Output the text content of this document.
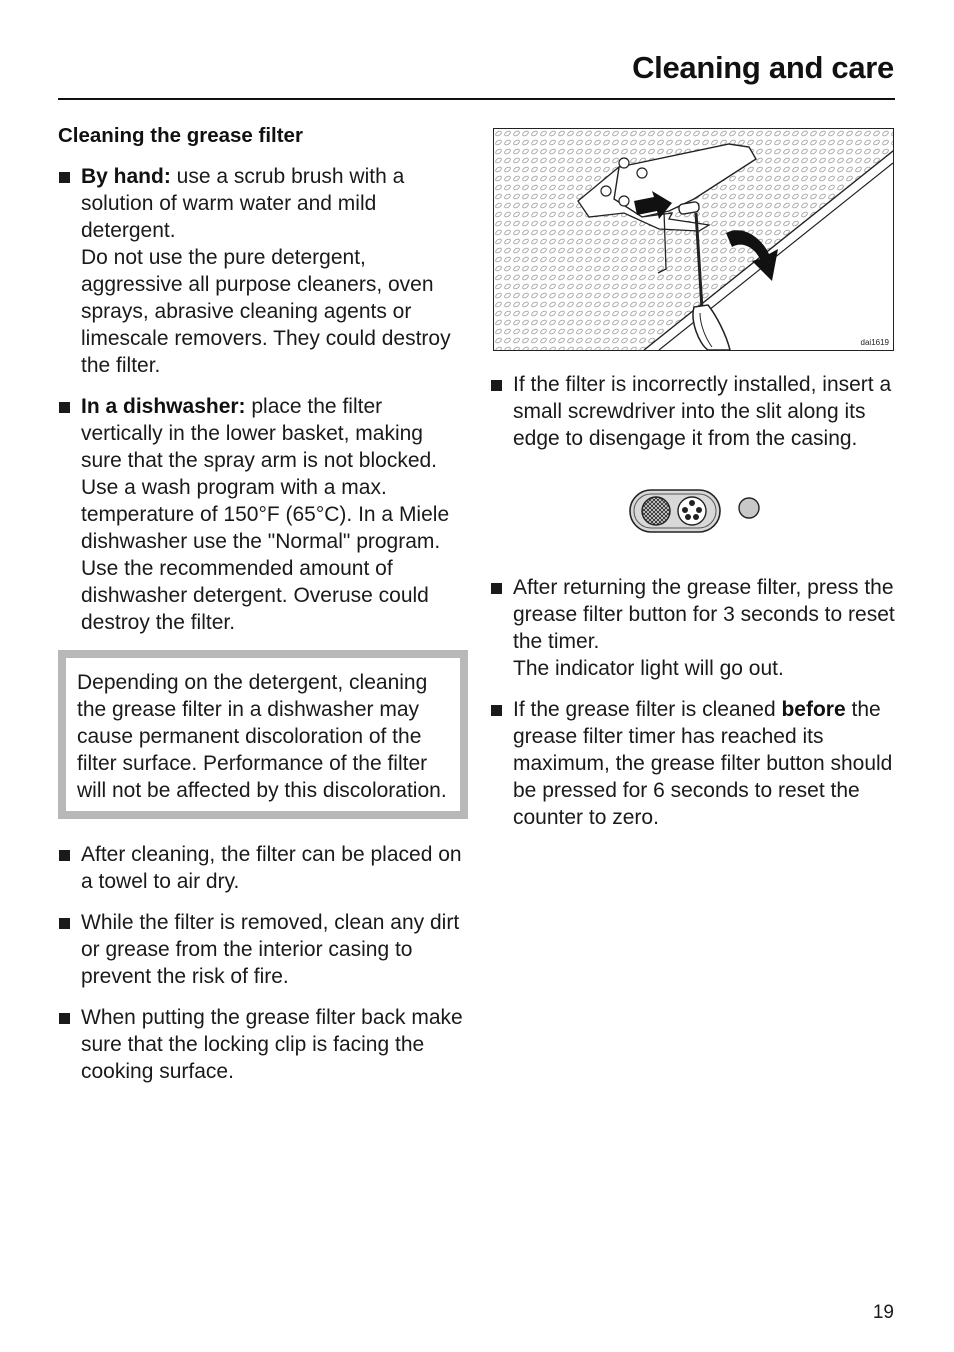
Cleaning and care
Cleaning the grease filter

By hand: use a scrub brush with a solution of warm water and mild detergent.

Do not use the pure detergent, aggressive all purpose cleaners, oven sprays, abrasive cleaning agents or limescale removers. They could destroy the filter.

In a dishwasher: place the filter vertically in the lower basket, making sure that the spray arm is not blocked.

Use a wash program with a max. temperature of 150°F (65°C). In a Miele dishwasher use the "Normal" program.

Use the recommended amount of dishwasher detergent. Overuse could destroy the filter.

Depending on the detergent, cleaning the grease filter in a dishwasher may cause permanent discoloration of the filter surface. Performance of the filter will not be affected by this discoloration.

After cleaning, the filter can be placed on a towel to air dry.

While the filter is removed, clean any dirt or grease from the interior casing to prevent the risk of fire.

When putting the grease filter back make sure that the locking clip is facing the cooking surface.

dai1619

If the filter is incorrectly installed, insert a small screwdriver into the slit along its edge to disengage it from the casing.

After returning the grease filter, press the grease filter button for 3 seconds to reset the timer.

The indicator light will go out.

If the grease filter is cleaned before the grease filter timer has reached its maximum, the grease filter button should be pressed for 6 seconds to reset the counter to zero.

19
